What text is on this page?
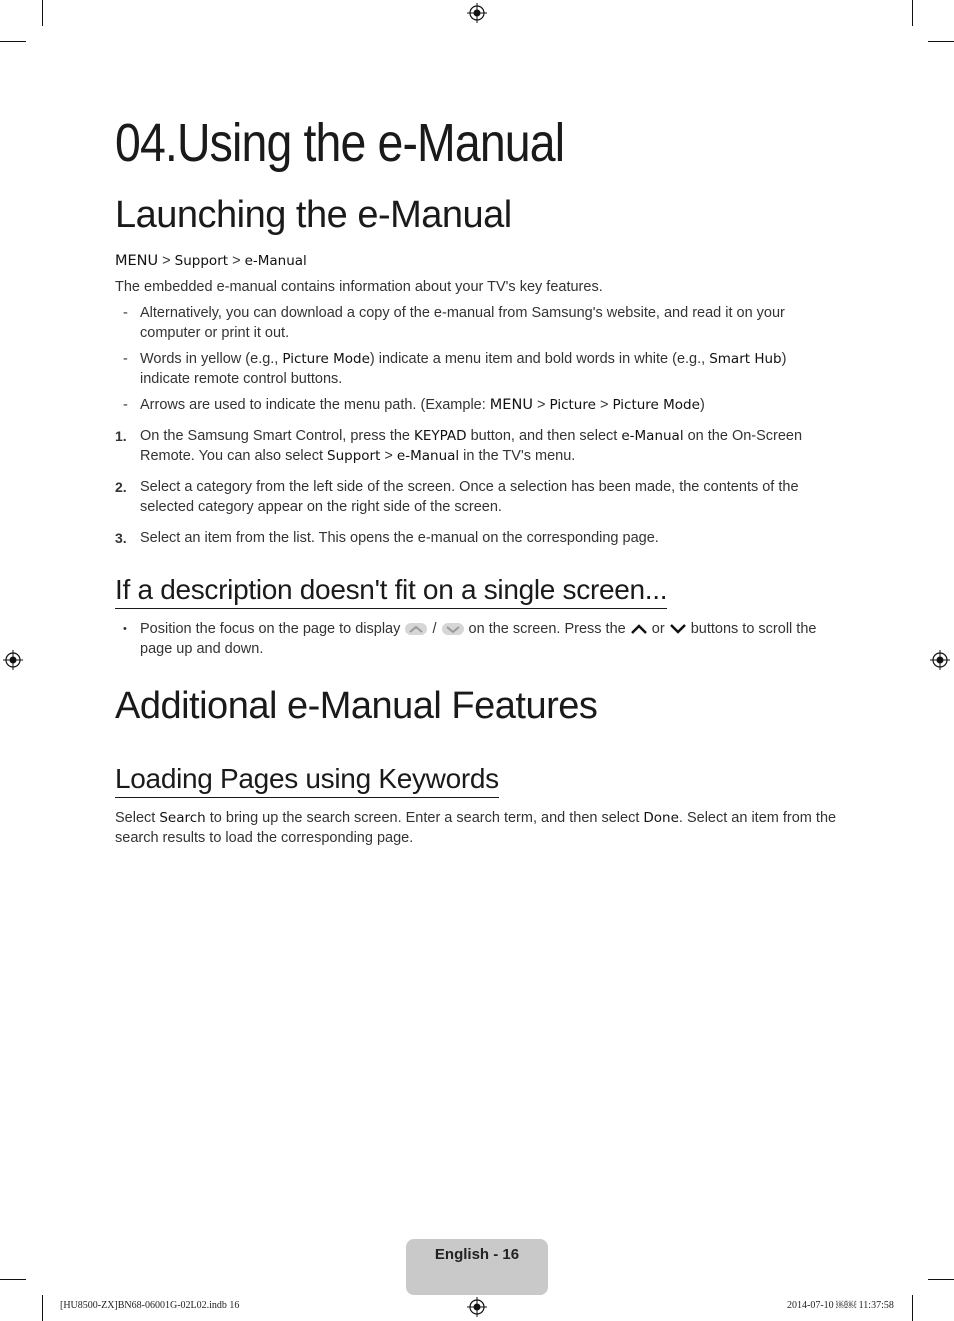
04.Using the e-Manual
Launching the e-Manual
MENU > Support > e-Manual
The embedded e-manual contains information about your TV's key features.
- Alternatively, you can download a copy of the e-manual from Samsung's website, and read it on your computer or print it out.
- Words in yellow (e.g., Picture Mode) indicate a menu item and bold words in white (e.g., Smart Hub) indicate remote control buttons.
- Arrows are used to indicate the menu path. (Example: MENU > Picture > Picture Mode)
1. On the Samsung Smart Control, press the KEYPAD button, and then select e-Manual on the On-Screen Remote. You can also select Support > e-Manual in the TV's menu.
2. Select a category from the left side of the screen. Once a selection has been made, the contents of the selected category appear on the right side of the screen.
3. Select an item from the list. This opens the e-manual on the corresponding page.
If a description doesn't fit on a single screen...
• Position the focus on the page to display  /  on the screen. Press the  or  buttons to scroll the page up and down.
Additional e-Manual Features
Loading Pages using Keywords
Select Search to bring up the search screen. Enter a search term, and then select Done. Select an item from the search results to load the corresponding page.
English - 16
[HU8500-ZX]BN68-06001G-02L02.indb 16	2014-07-10 ￼￼ 11:37:58
